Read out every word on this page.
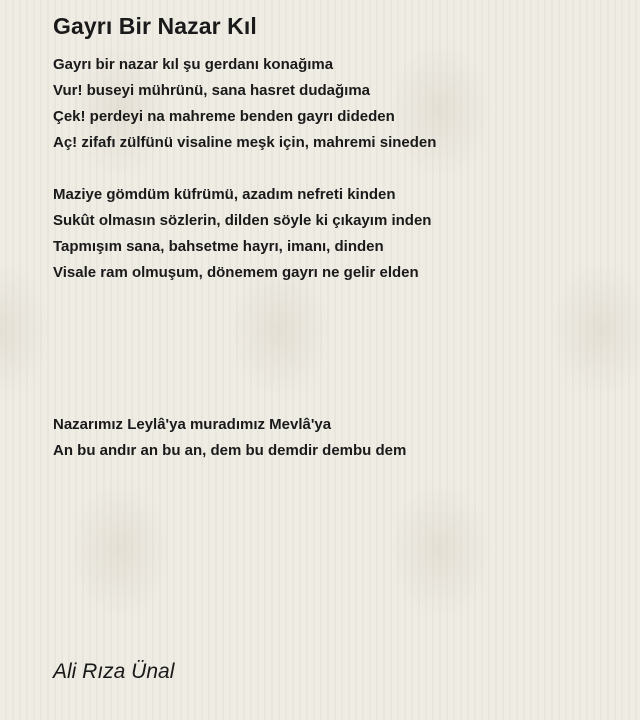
Gayrı Bir Nazar Kıl
Gayrı bir nazar kıl şu gerdanı konağıma
Vur! buseyi mührünü, sana hasret dudağıma
Çek! perdeyi na mahreme benden gayrı dideden
Aç! zifafı zülfünü visaline meşk için, mahremi sineden
Maziye gömdüm küfrümü, azadım nefreti kinden
Sukût olmasın sözlerin, dilden söyle ki çıkayım inden
Tapmışım sana, bahsetme hayrı, imanı, dinden
Visale ram olmuşum, dönemem gayrı ne gelir elden
Nazarımız Leylâ'ya muradımız Mevlâ'ya
An bu andır an bu an, dem bu demdir dembu dem
Ali Rıza Ünal
